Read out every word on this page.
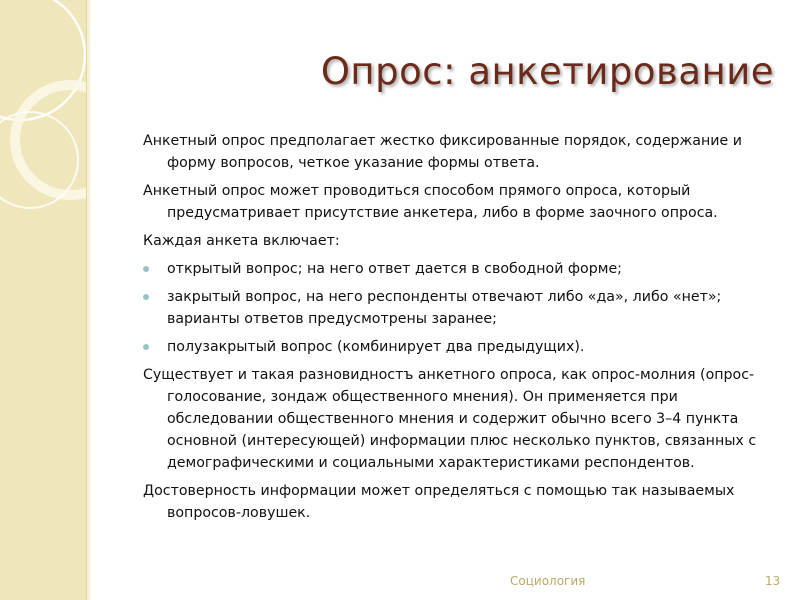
Опрос: анкетирование

Анкетный опрос предполагает жестко фиксированные порядок, содержание и форму вопросов, четкое указание формы ответа.

Анкетный опрос может проводиться способом прямого опроса, который предусматривает присутствие анкетера, либо в форме заочного опроса.

Каждая анкета включает:

открытый вопрос; на него ответ дается в свободной форме;
закрытый вопрос, на него респонденты отвечают либо «да», либо «нет»; варианты ответов предусмотрены заранее;
полузакрытый вопрос (комбинирует два предыдущих).

Существует и такая разновидностъ анкетного опроса, как опрос-молния (опрос-голосование, зондаж общественного мнения). Он применяется при обследовании общественного мнения и содержит обычно всего 3–4 пункта основной (интересующей) информации плюс несколько пунктов, связанных с демографическими и социальными характеристиками респондентов.

Достоверность информации может определяться с помощью так называемых вопросов-ловушек.

Социология	13
